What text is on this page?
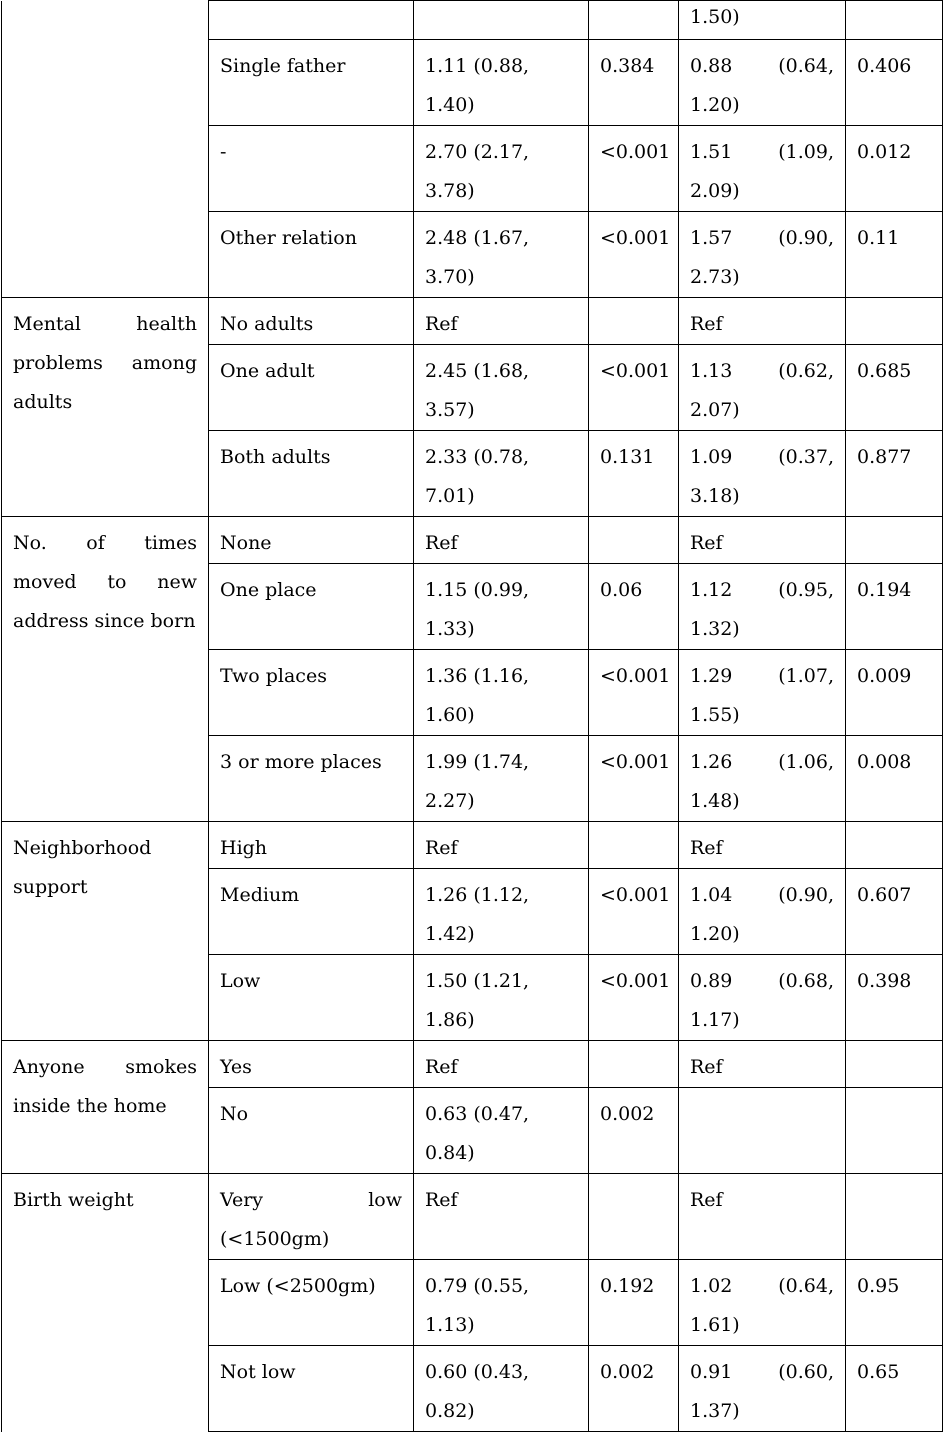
				1.50)	
	Single father	1.11 (0.88, 1.40)	0.384	0.88 (0.64, 1.20)	0.406
	-	2.70 (2.17, 3.78)	<0.001	1.51 (1.09, 2.09)	0.012
	Other relation	2.48 (1.67, 3.70)	<0.001	1.57 (0.90, 2.73)	0.11
Mental health problems among adults	No adults	Ref		Ref	
	One adult	2.45 (1.68, 3.57)	<0.001	1.13 (0.62, 2.07)	0.685
	Both adults	2.33 (0.78, 7.01)	0.131	1.09 (0.37, 3.18)	0.877
No. of times moved to new address since born	None	Ref		Ref	
	One place	1.15 (0.99, 1.33)	0.06	1.12 (0.95, 1.32)	0.194
	Two places	1.36 (1.16, 1.60)	<0.001	1.29 (1.07, 1.55)	0.009
	3 or more places	1.99 (1.74, 2.27)	<0.001	1.26 (1.06, 1.48)	0.008
Neighborhood support	High	Ref		Ref	
	Medium	1.26 (1.12, 1.42)	<0.001	1.04 (0.90, 1.20)	0.607
	Low	1.50 (1.21, 1.86)	<0.001	0.89 (0.68, 1.17)	0.398
Anyone smokes inside the home	Yes	Ref		Ref	
	No	0.63 (0.47, 0.84)	0.002		
Birth weight	Very low (<1500gm)	Ref		Ref	
	Low (<2500gm)	0.79 (0.55, 1.13)	0.192	1.02 (0.64, 1.61)	0.95
	Not low	0.60 (0.43, 0.82)	0.002	0.91 (0.60, 1.37)	0.65
